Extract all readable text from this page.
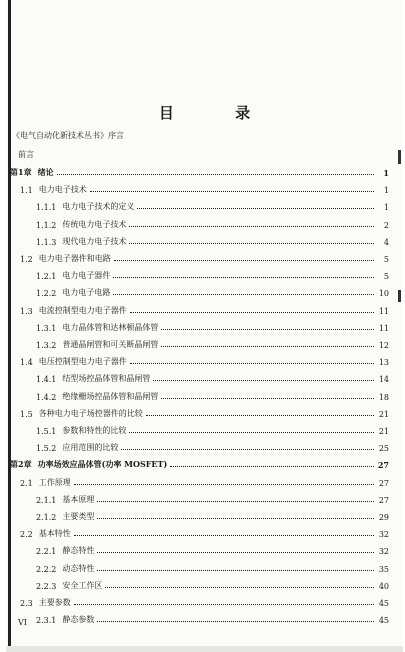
目 录
《电气自动化新技术丛书》序言
前言
第1章 绪论	1
1.1 电力电子技术	1
1.1.1 电力电子技术的定义	1
1.1.2 传统电力电子技术	2
1.1.3 现代电力电子技术	4
1.2 电力电子器件和电路	5
1.2.1 电力电子器件	5
1.2.2 电力电子电路	10
1.3 电流控制型电力电子器件	11
1.3.1 电力晶体管和达林顿晶体管	11
1.3.2 普通晶闸管和可关断晶闸管	12
1.4 电压控制型电力电子器件	13
1.4.1 结型场控晶体管和晶闸管	14
1.4.2 绝缘栅场控晶体管和晶闸管	18
1.5 各种电力电子场控器件的比较	21
1.5.1 参数和特性的比较	21
1.5.2 应用范围的比较	25
第2章 功率场效应晶体管(功率 MOSFET)	27
2.1 工作原理	27
2.1.1 基本原理	27
2.1.2 主要类型	29
2.2 基本特性	32
2.2.1 静态特性	32
2.2.2 动态特性	35
2.2.3 安全工作区	40
2.3 主要参数	45
2.3.1 静态参数	45
VI
